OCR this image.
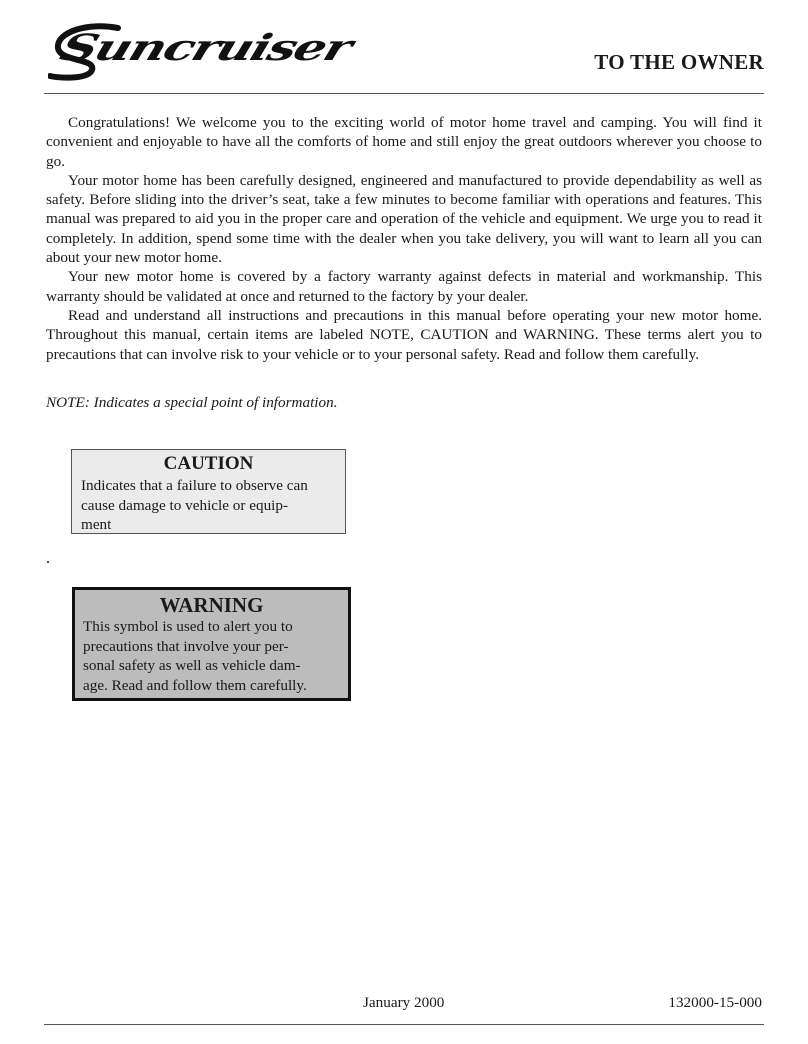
Suncruiser	TO THE OWNER

Congratulations! We welcome you to the exciting world of motor home travel and camping. You will find it convenient and enjoyable to have all the comforts of home and still enjoy the great outdoors wherever you choose to go.

Your motor home has been carefully designed, engineered and manufactured to provide dependability as well as safety. Before sliding into the driver’s seat, take a few minutes to become familiar with operations and features. This manual was prepared to aid you in the proper care and operation of the vehicle and equipment. We urge you to read it completely. In addition, spend some time with the dealer when you take delivery, you will want to learn all you can about your new motor home.

Your new motor home is covered by a factory warranty against defects in material and workmanship. This warranty should be validated at once and returned to the factory by your dealer.

Read and understand all instructions and precautions in this manual before operating your new motor home. Throughout this manual, certain items are labeled NOTE, CAUTION and WARNING. These terms alert you to precautions that can involve risk to your vehicle or to your personal safety. Read and follow them carefully.

NOTE: Indicates a special point of information.
CAUTION
Indicates that a failure to observe can
cause damage to vehicle or equip-
ment
WARNING
This symbol is used to alert you to
precautions that involve your per-
sonal safety as well as vehicle dam-
age. Read and follow them carefully.
January 2000	132000-15-000
